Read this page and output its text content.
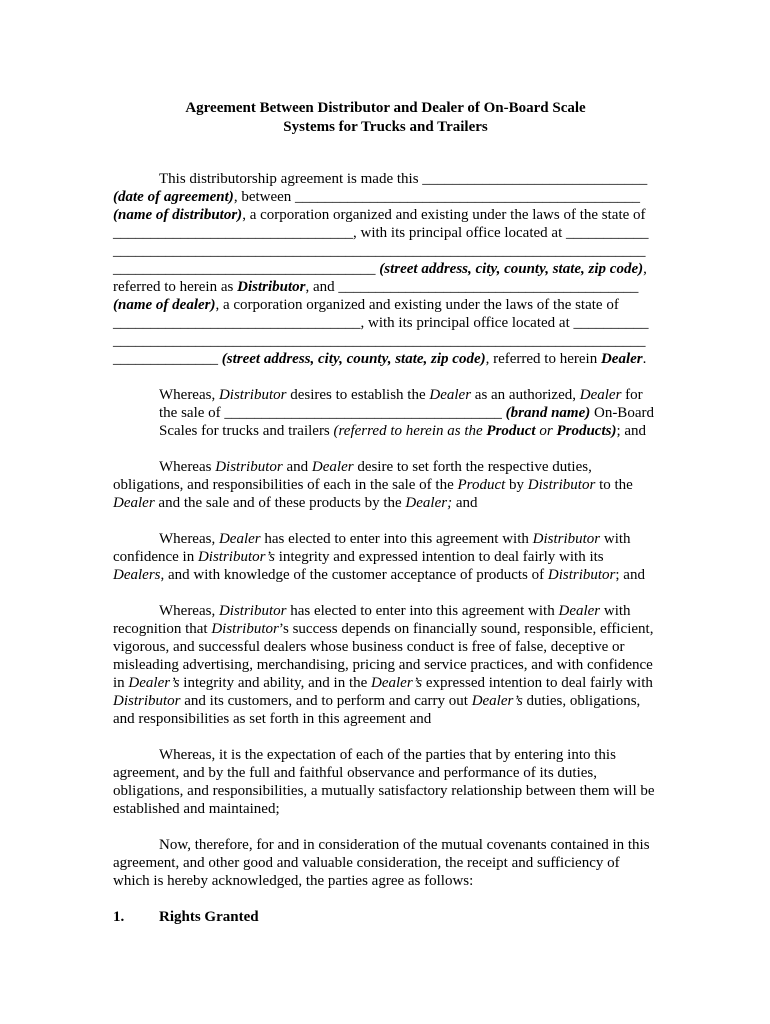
Agreement Between Distributor and Dealer of On-Board Scale
Systems for Trucks and Trailers

This distributorship agreement is made this ______________________________
(date of agreement), between ______________________________________________
(name of distributor), a corporation organized and existing under the laws of the state of
________________________________, with its principal office located at ___________
_______________________________________________________________________
___________________________________ (street address, city, county, state, zip code),
referred to herein as Distributor, and ________________________________________
(name of dealer), a corporation organized and existing under the laws of the state of
_________________________________, with its principal office located at __________
_______________________________________________________________________
______________ (street address, city, county, state, zip code), referred to herein Dealer.
Whereas, Distributor desires to establish the Dealer as an authorized, Dealer for
the sale of _____________________________________ (brand name) On-Board
Scales for trucks and trailers (referred to herein as the Product or Products); and

Whereas Distributor and Dealer desire to set forth the respective duties, obligations, and responsibilities of each in the sale of the Product by Distributor to the Dealer and the sale and of these products by the Dealer; and

Whereas, Dealer has elected to enter into this agreement with Distributor with confidence in Distributor’s integrity and expressed intention to deal fairly with its Dealers, and with knowledge of the customer acceptance of products of Distributor; and

Whereas, Distributor has elected to enter into this agreement with Dealer with recognition that Distributor’s success depends on financially sound, responsible, efficient, vigorous, and successful dealers whose business conduct is free of false, deceptive or misleading advertising, merchandising, pricing and service practices, and with confidence in Dealer’s integrity and ability, and in the Dealer’s expressed intention to deal fairly with Distributor and its customers, and to perform and carry out Dealer’s duties, obligations, and responsibilities as set forth in this agreement and

Whereas, it is the expectation of each of the parties that by entering into this agreement, and by the full and faithful observance and performance of its duties, obligations, and responsibilities, a mutually satisfactory relationship between them will be established and maintained;

Now, therefore, for and in consideration of the mutual covenants contained in this agreement, and other good and valuable consideration, the receipt and sufficiency of which is hereby acknowledged, the parties agree as follows:

1. Rights Granted
